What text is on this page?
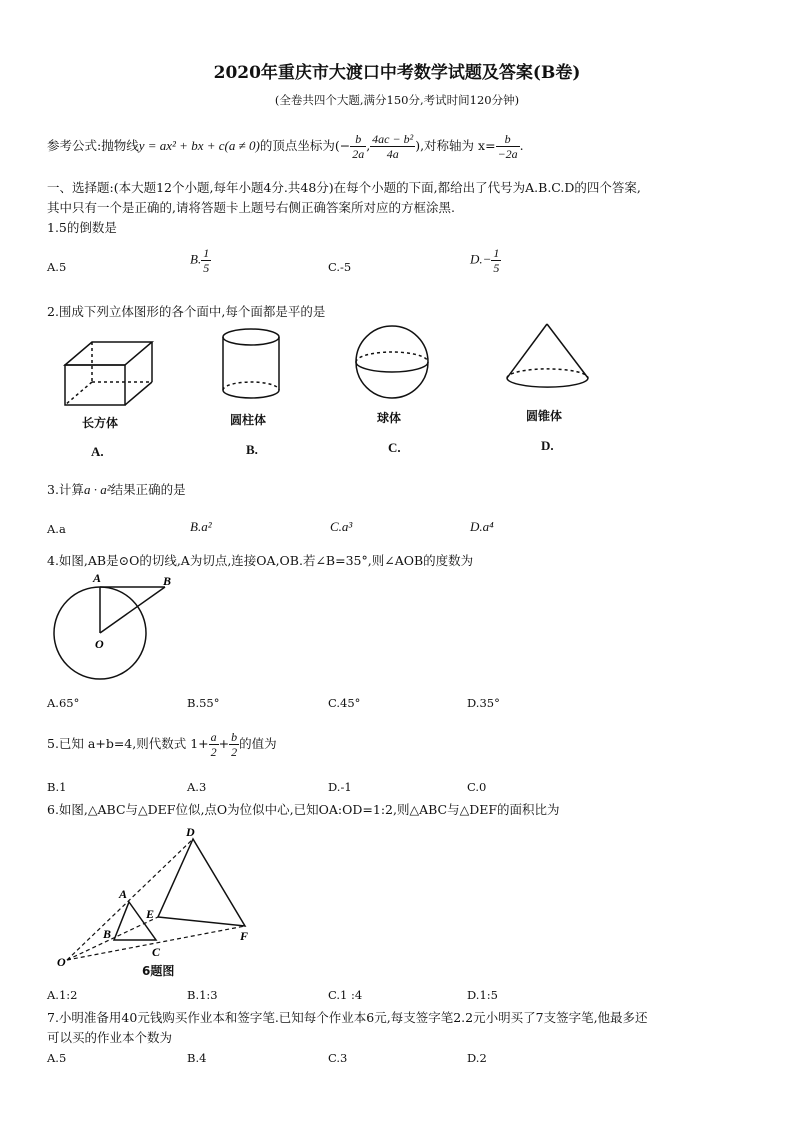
2020年重庆市大渡口中考数学试题及答案(B卷)
(全卷共四个大题,满分150分,考试时间120分钟)
参考公式:抛物线y = ax² + bx + c(a ≠ 0)的顶点坐标为(− $\frac{b}{2a}$ , $\frac{\text{4ac − b²}}{4a}$ ),对称轴为 $x= \frac{b}{-2a}$ .
一、选择题:(本大题12个小题,每年小题4分.共48分)在每个小题的下面,都给出了代号为A.B.C.D的四个答案,
其中只有一个是正确的,请将答题卡上题号右侧正确答案所对应的方框涂黑.
1.5的倒数是
A.5
B. $\frac{1}{5}$	C.-5
$D.- \frac{1}{5}$
2.围成下列立体图形的各个面中,每个面都是平的是
长方体	圆柱体	球体	圆锥体
A.	B.	C.	D.
3.计算a · a²结果正确的是
A.a	B.a²	C.a³	D.a⁴
4.如图,AB是⊙O的切线,A为切点,连接OA,OB.若∠B=35°,则∠AOB的度数为
A	B
O
A.65°	B.55°	C.45°	D.35°
5.已知 a+b=4,则代数式 $1+ \frac{a}{2} + \frac{b}{2}$ 的值为
B.1	A.3	D.-1	C.0
6.如图,△ABC与△DEF位似,点O为位似中心,已知OA:OD=1:2,则△ABC与△DEF的面积比为
D
A
E
B
C
F
O
6题图
A.1:2	B.1:3	C.1 :4	D.1:5
7.小明准备用40元钱购买作业本和签字笔.已知每个作业本6元,每支签字笔2.2元小明买了7支签字笔,他最多还
可以买的作业本个数为
A.5	B.4	C.3	D.2
